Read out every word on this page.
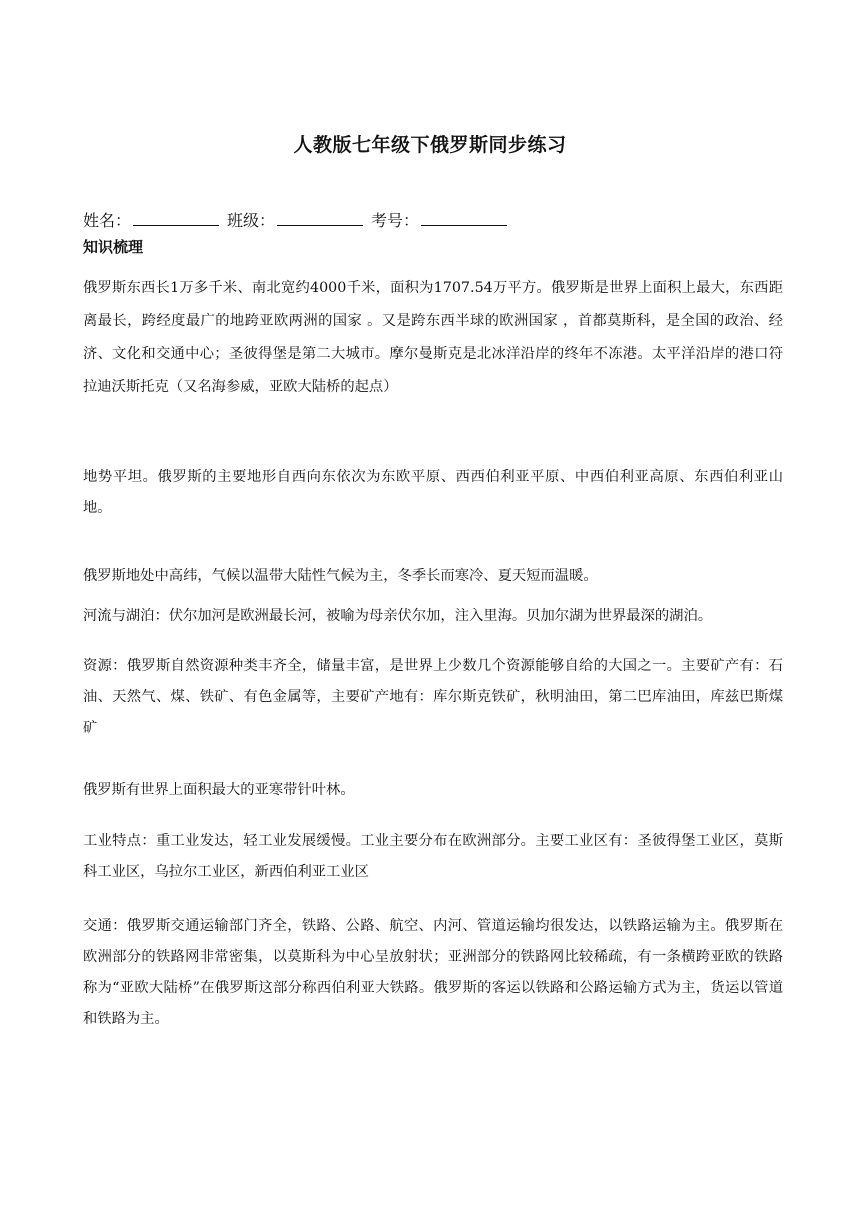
人教版七年级下俄罗斯同步练习
姓名：	班级：	考号：
知识梳理

俄罗斯东西长1万多千米、南北宽约4000千米，面积为1707.54万平方。俄罗斯是世界上面积上最大，东西距离最长，跨经度最广的地跨亚欧两洲的国家 。又是跨东西半球的欧洲国家 ，首都莫斯科，是全国的政治、经济、文化和交通中心；圣彼得堡是第二大城市。摩尔曼斯克是北冰洋沿岸的终年不冻港。太平洋沿岸的港口符拉迪沃斯托克（又名海参威，亚欧大陆桥的起点）

地势平坦。俄罗斯的主要地形自西向东依次为东欧平原、西西伯利亚平原、中西伯利亚高原、东西伯利亚山地。

俄罗斯地处中高纬，气候以温带大陆性气候为主，冬季长而寒冷、夏天短而温暖。

河流与湖泊：伏尔加河是欧洲最长河，被喻为母亲伏尔加，注入里海。贝加尔湖为世界最深的湖泊。

资源：俄罗斯自然资源种类丰齐全，储量丰富，是世界上少数几个资源能够自给的大国之一。主要矿产有：石油、天然气、煤、铁矿、有色金属等，主要矿产地有：库尔斯克铁矿，秋明油田，第二巴库油田，库兹巴斯煤矿

俄罗斯有世界上面积最大的亚寒带针叶林。

工业特点：重工业发达，轻工业发展缓慢。工业主要分布在欧洲部分。主要工业区有：圣彼得堡工业区，莫斯科工业区，乌拉尔工业区，新西伯利亚工业区

交通：俄罗斯交通运输部门齐全，铁路、公路、航空、内河、管道运输均很发达，以铁路运输为主。俄罗斯在欧洲部分的铁路网非常密集，以莫斯科为中心呈放射状；亚洲部分的铁路网比较稀疏，有一条横跨亚欧的铁路称为“亚欧大陆桥”在俄罗斯这部分称西伯利亚大铁路。俄罗斯的客运以铁路和公路运输方式为主，货运以管道和铁路为主。
